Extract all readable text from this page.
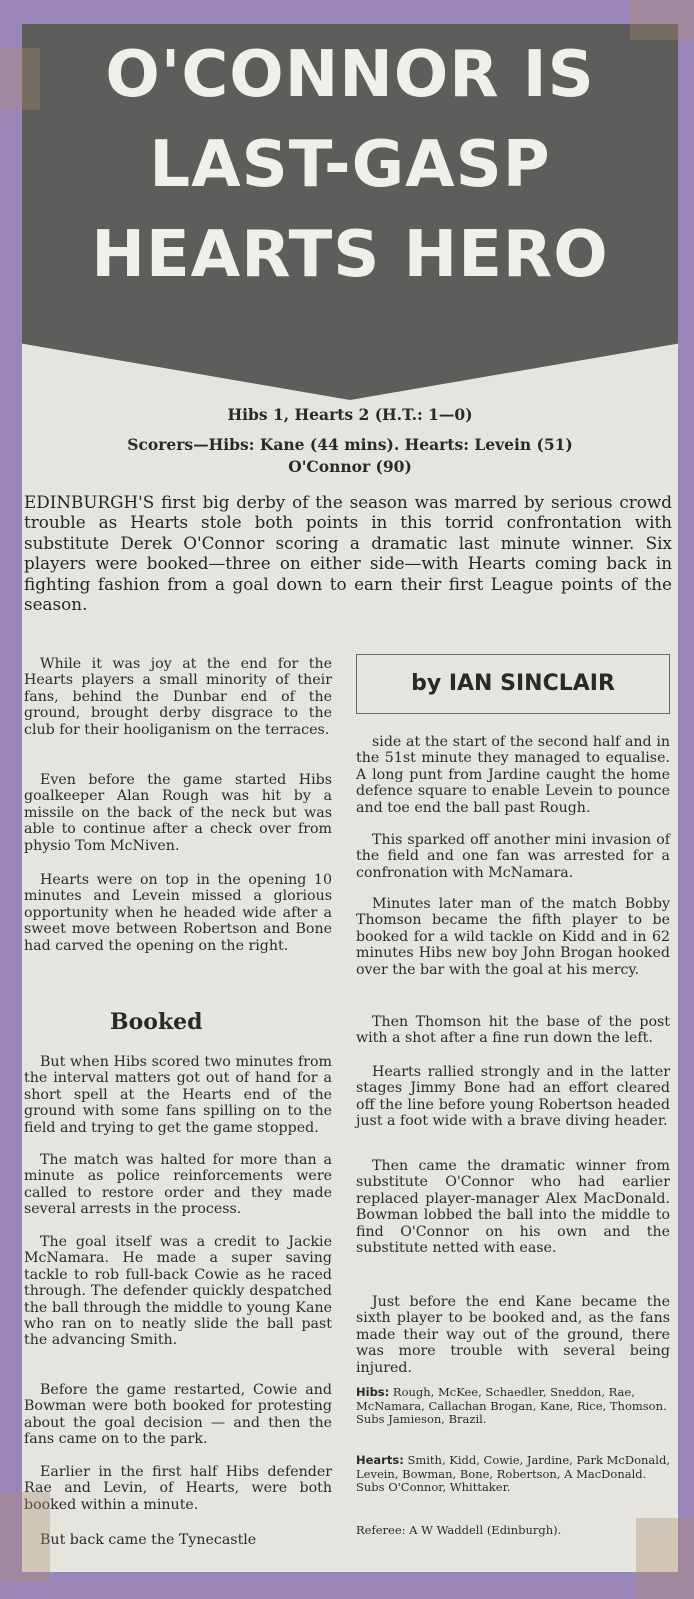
O'CONNOR IS
LAST-GASP
HEARTS HERO
Hibs 1, Hearts 2 (H.T.: 1—0)
Scorers—Hibs: Kane (44 mins). Hearts: Levein (51)
O'Connor (90)
EDINBURGH'S first big derby of the season was marred by serious crowd trouble as Hearts stole both points in this torrid confrontation with substitute Derek O'Connor scoring a dramatic last minute winner. Six players were booked—three on either side—with Hearts coming back in fighting fashion from a goal down to earn their first League points of the season.
by IAN SINCLAIR
While it was joy at the end for the Hearts players a small minority of their fans, behind the Dunbar end of the ground, brought derby disgrace to the club for their hooliganism on the terraces.
Even before the game started Hibs goalkeeper Alan Rough was hit by a missile on the back of the neck but was able to continue after a check over from physio Tom McNiven.
Hearts were on top in the opening 10 minutes and Levein missed a glorious opportunity when he headed wide after a sweet move between Robertson and Bone had carved the opening on the right.
Booked
But when Hibs scored two minutes from the interval matters got out of hand for a short spell at the Hearts end of the ground with some fans spilling on to the field and trying to get the game stopped.
The match was halted for more than a minute as police reinforcements were called to restore order and they made several arrests in the process.
The goal itself was a credit to Jackie McNamara. He made a super saving tackle to rob full-back Cowie as he raced through. The defender quickly despatched the ball through the middle to young Kane who ran on to neatly slide the ball past the advancing Smith.
Before the game restarted, Cowie and Bowman were both booked for protesting about the goal decision — and then the fans came on to the park.
Earlier in the first half Hibs defender Rae and Levin, of Hearts, were both booked within a minute.
But back came the Tynecastle
side at the start of the second half and in the 51st minute they managed to equalise. A long punt from Jardine caught the home defence square to enable Levein to pounce and toe end the ball past Rough.
This sparked off another mini invasion of the field and one fan was arrested for a confronation with McNamara.
Minutes later man of the match Bobby Thomson became the fifth player to be booked for a wild tackle on Kidd and in 62 minutes Hibs new boy John Brogan hooked over the bar with the goal at his mercy.
Then Thomson hit the base of the post with a shot after a fine run down the left.
Hearts rallied strongly and in the latter stages Jimmy Bone had an effort cleared off the line before young Robertson headed just a foot wide with a brave diving header.
Then came the dramatic winner from substitute O'Connor who had earlier replaced player-manager Alex MacDonald. Bowman lobbed the ball into the middle to find O'Connor on his own and the substitute netted with ease.
Just before the end Kane became the sixth player to be booked and, as the fans made their way out of the ground, there was more trouble with several being injured.
Hibs: Rough, McKee, Schaedler, Sneddon, Rae, McNamara, Callachan Brogan, Kane, Rice, Thomson. Subs Jamieson, Brazil.
Hearts: Smith, Kidd, Cowie, Jardine, Park McDonald, Levein, Bowman, Bone, Robertson, A MacDonald. Subs O'Connor, Whittaker.
Referee: A W Waddell (Edinburgh).
